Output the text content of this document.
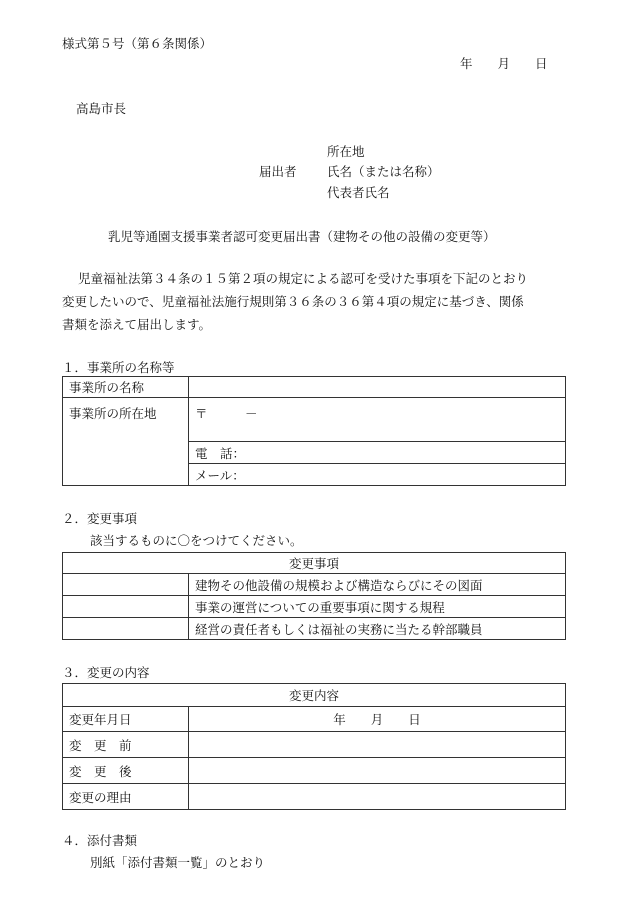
様式第５号（第６条関係）
年　　月　　日
高島市長
所在地
届出者 氏名（または名称）
代表者氏名
乳児等通園支援事業者認可変更届出書（建物その他の設備の変更等）
児童福祉法第３４条の１５第２項の規定による認可を受けた事項を下記のとおり
変更したいので、児童福祉法施行規則第３６条の３６第４項の規定に基づき、関係
書類を添えて届出します。
１．事業所の名称等
事業所の名称	
事業所の所在地	〒　　　－
	電　話：
	メール：
２．変更事項
該当するものに〇をつけてください。
変更事項	
	建物その他設備の規模および構造ならびにその図面
	事業の運営についての重要事項に関する規程
	経営の責任者もしくは福祉の実務に当たる幹部職員
３．変更の内容
変更内容	
変更年月日	年　　月　　日
変　更　前	
変　更　後	
変更の理由	
４．添付書類
別紙「添付書類一覧」のとおり
